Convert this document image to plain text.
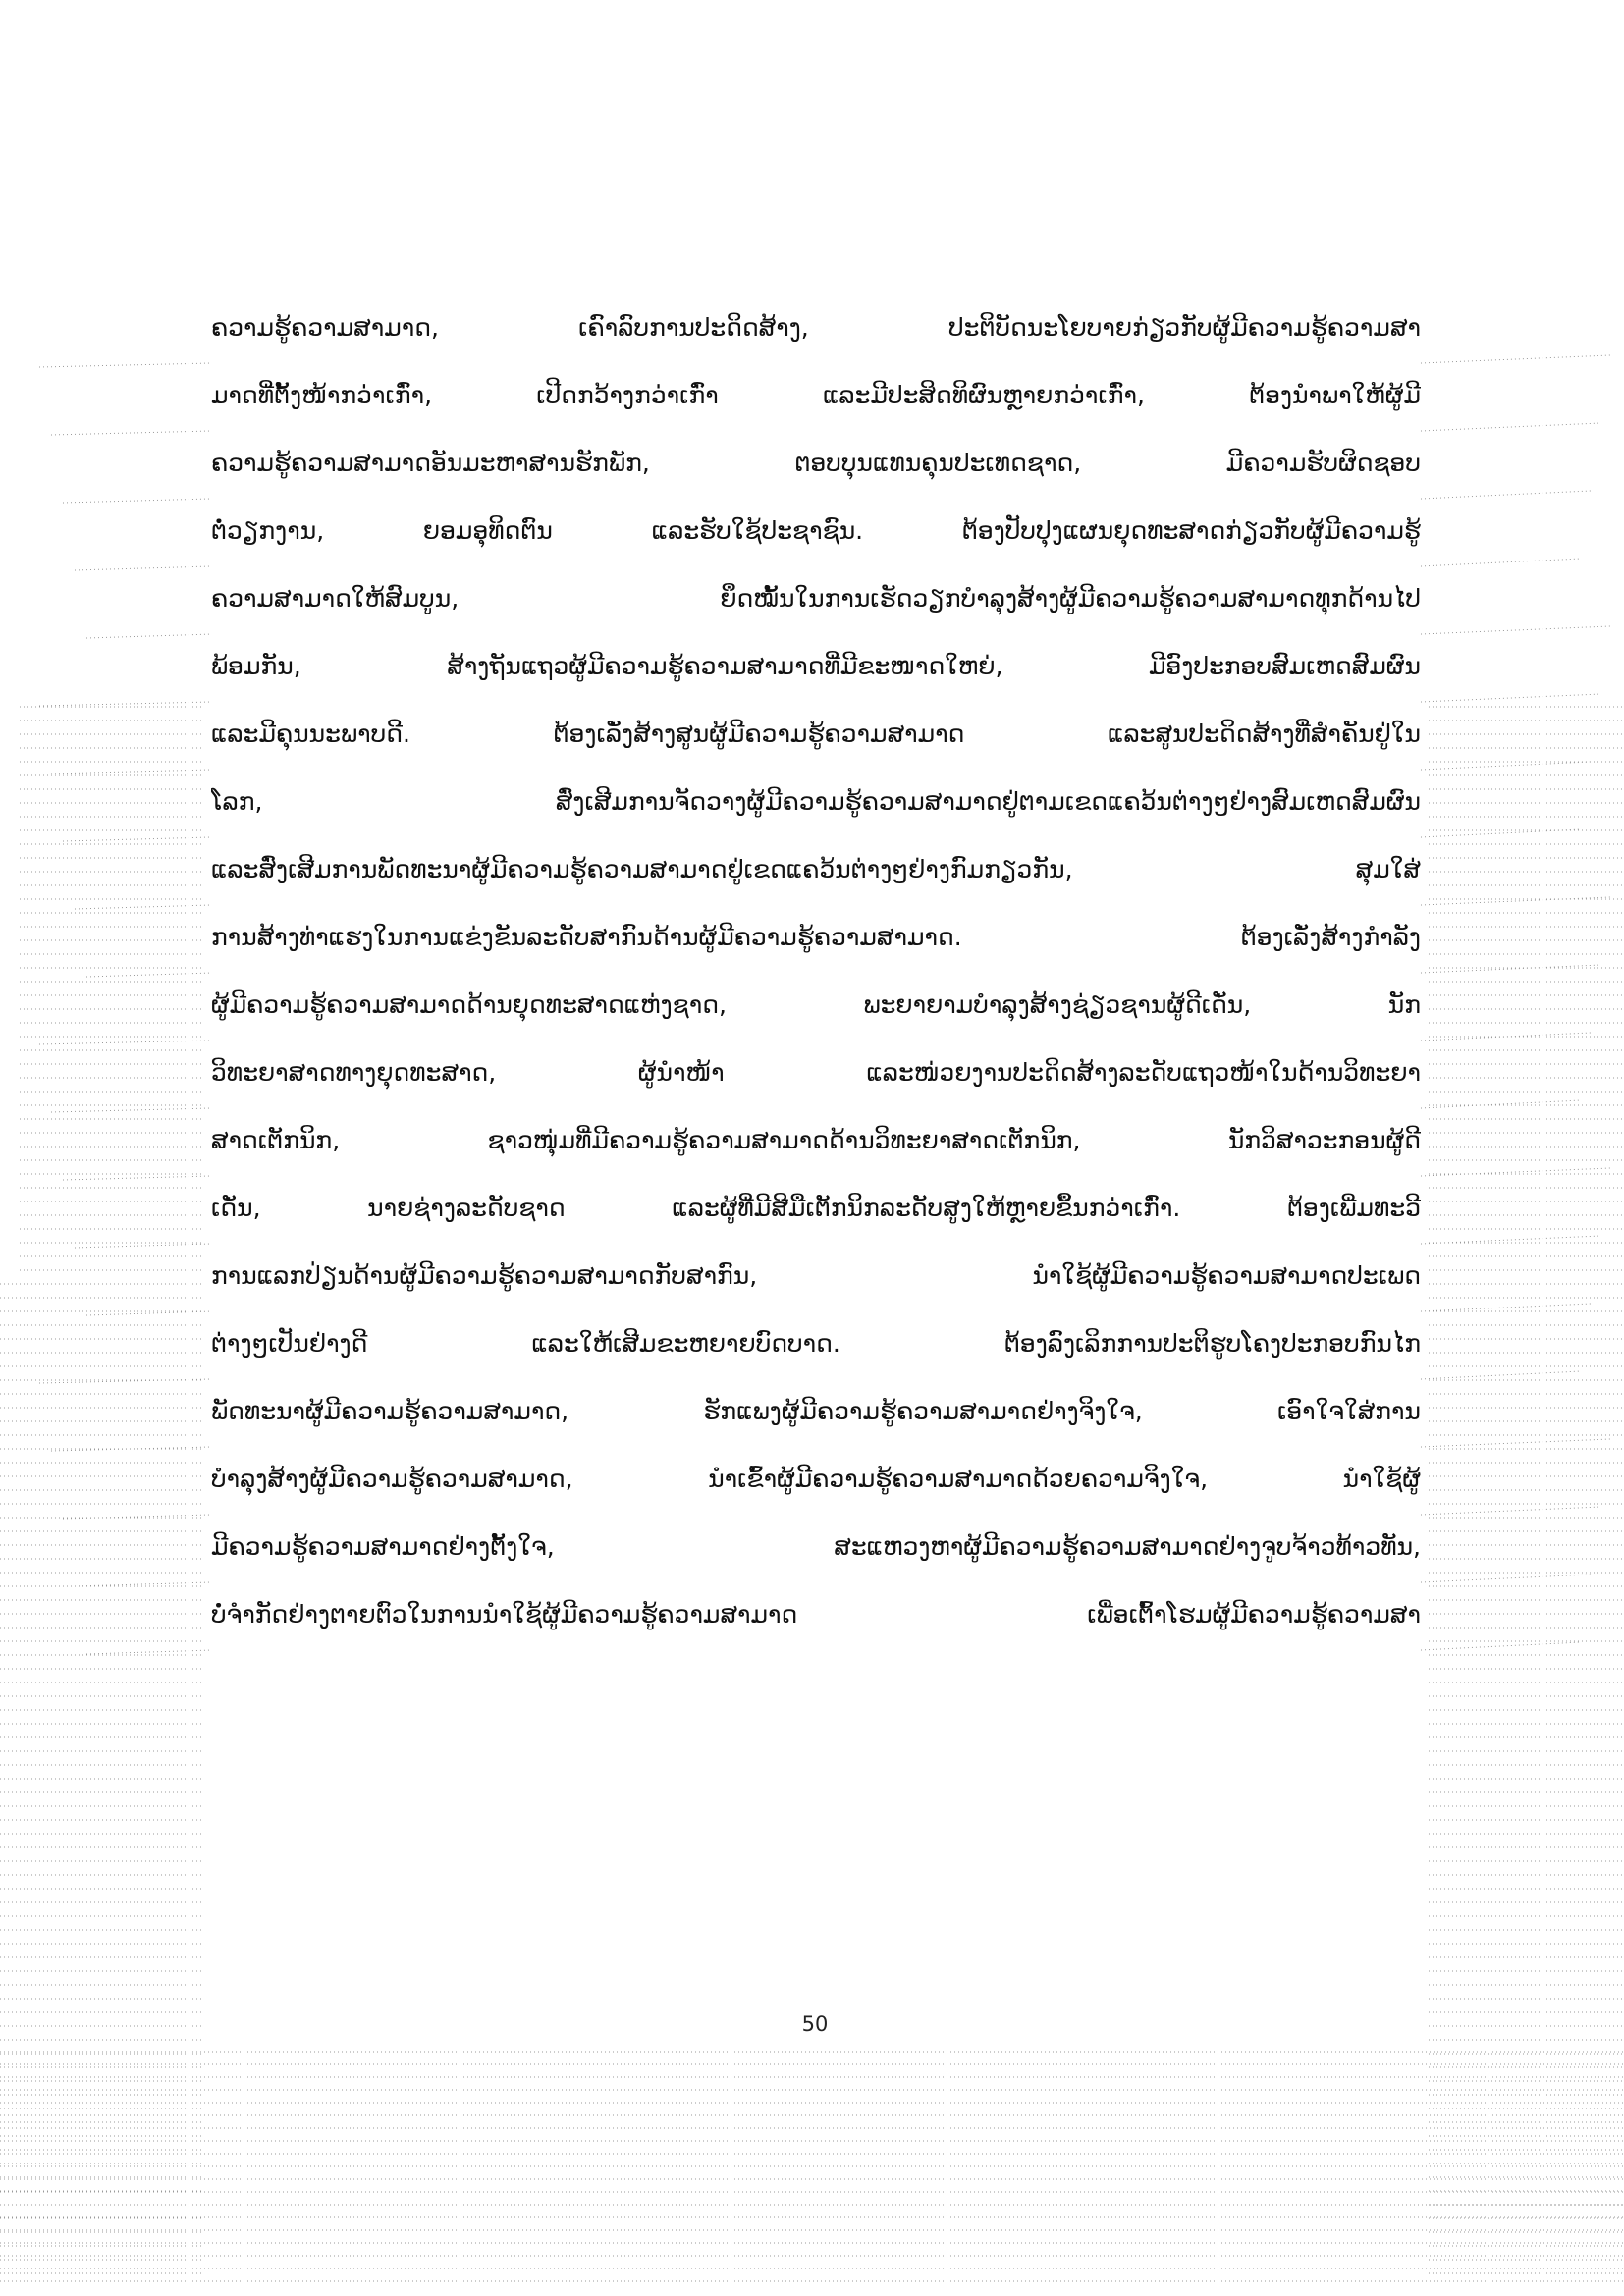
ຄວາມຮູ້ຄວາມສາມາດ, ເຄົາລົບການປະດິດສ້າງ, ປະຕິບັດນະໂຍບາຍກ່ຽວກັບຜູ້ມີຄວາມຮູ້ຄວາມສາ
ມາດທີ່ຕັ້ງໜ້າກວ່າເກົ່າ, ເປີດກວ້າງກວ່າເກົ່າ ແລະມີປະສິດທິຜົນຫຼາຍກວ່າເກົ່າ, ຕ້ອງນໍາພາໃຫ້ຜູ້ມີ
ຄວາມຮູ້ຄວາມສາມາດອັນມະຫາສານຮັກພັກ, ຕອບບຸນແທນຄຸນປະເທດຊາດ, ມີຄວາມຮັບຜິດຊອບ
ຕໍ່ວຽກງານ, ຍອມອຸທິດຕົນ ແລະຮັບໃຊ້ປະຊາຊົນ. ຕ້ອງປັບປຸງແຜນຍຸດທະສາດກ່ຽວກັບຜູ້ມີຄວາມຮູ້
ຄວາມສາມາດໃຫ້ສົມບູນ, ຍຶດໝັ້ນໃນການເຮັດວຽກບໍາລຸງສ້າງຜູ້ມີຄວາມຮູ້ຄວາມສາມາດທຸກດ້ານໄປ
ພ້ອມກັນ, ສ້າງຖັນແຖວຜູ້ມີຄວາມຮູ້ຄວາມສາມາດທີ່ມີຂະໜາດໃຫຍ່, ມີອົງປະກອບສົມເຫດສົມຜົນ
ແລະມີຄຸນນະພາບດີ. ຕ້ອງເລັ່ງສ້າງສູນຜູ້ມີຄວາມຮູ້ຄວາມສາມາດ ແລະສູນປະດິດສ້າງທີ່ສໍາຄັນຢູ່ໃນ
ໂລກ, ສົ່ງເສີມການຈັດວາງຜູ້ມີຄວາມຮູ້ຄວາມສາມາດຢູ່ຕາມເຂດແຄວ້ນຕ່າງໆຢ່າງສົມເຫດສົມຜົນ
ແລະສົ່ງເສີມການພັດທະນາຜູ້ມີຄວາມຮູ້ຄວາມສາມາດຢູ່ເຂດແຄວ້ນຕ່າງໆຢ່າງກົມກຽວກັນ, ສຸມໃສ່
ການສ້າງທ່າແຮງໃນການແຂ່ງຂັນລະດັບສາກົນດ້ານຜູ້ມີຄວາມຮູ້ຄວາມສາມາດ. ຕ້ອງເລັ່ງສ້າງກໍາລັງ
ຜູ້ມີຄວາມຮູ້ຄວາມສາມາດດ້ານຍຸດທະສາດແຫ່ງຊາດ, ພະຍາຍາມບໍາລຸງສ້າງຊ່ຽວຊານຜູ້ດີເດັ່ນ, ນັກ
ວິທະຍາສາດທາງຍຸດທະສາດ, ຜູ້ນໍາໜ້າ ແລະໜ່ວຍງານປະດິດສ້າງລະດັບແຖວໜ້າໃນດ້ານວິທະຍາ
ສາດເຕັກນິກ, ຊາວໜຸ່ມທີ່ມີຄວາມຮູ້ຄວາມສາມາດດ້ານວິທະຍາສາດເຕັກນິກ, ນັກວິສາວະກອນຜູ້ດີ
ເດັ່ນ, ນາຍຊ່າງລະດັບຊາດ ແລະຜູ້ທີ່ມີສີມືເຕັກນິກລະດັບສູງໃຫ້ຫຼາຍຂຶ້ນກວ່າເກົ່າ. ຕ້ອງເພີ່ມທະວີ
ການແລກປ່ຽນດ້ານຜູ້ມີຄວາມຮູ້ຄວາມສາມາດກັບສາກົນ, ນໍາໃຊ້ຜູ້ມີຄວາມຮູ້ຄວາມສາມາດປະເພດ
ຕ່າງໆເປັນຢ່າງດີ ແລະໃຫ້ເສີມຂະຫຍາຍບົດບາດ. ຕ້ອງລົງເລິກການປະຕິຮູບໂຄງປະກອບກົນໄກ
ພັດທະນາຜູ້ມີຄວາມຮູ້ຄວາມສາມາດ, ຮັກແພງຜູ້ມີຄວາມຮູ້ຄວາມສາມາດຢ່າງຈິງໃຈ, ເອົາໃຈໃສ່ການ
ບໍາລຸງສ້າງຜູ້ມີຄວາມຮູ້ຄວາມສາມາດ, ນໍາເຂົ້າຜູ້ມີຄວາມຮູ້ຄວາມສາມາດດ້ວຍຄວາມຈິງໃຈ, ນໍາໃຊ້ຜູ້
ມີຄວາມຮູ້ຄວາມສາມາດຢ່າງຕັ້ງໃຈ, ສະແຫວງຫາຜູ້ມີຄວາມຮູ້ຄວາມສາມາດຢ່າງຈູບຈ້າວທ້າວທັນ,
ບໍ່ຈໍາກັດຢ່າງຕາຍຕົວໃນການນໍາໃຊ້ຜູ້ມີຄວາມຮູ້ຄວາມສາມາດ ເພື່ອເຕົ້າໂຮມຜູ້ມີຄວາມຮູ້ຄວາມສາ
50
